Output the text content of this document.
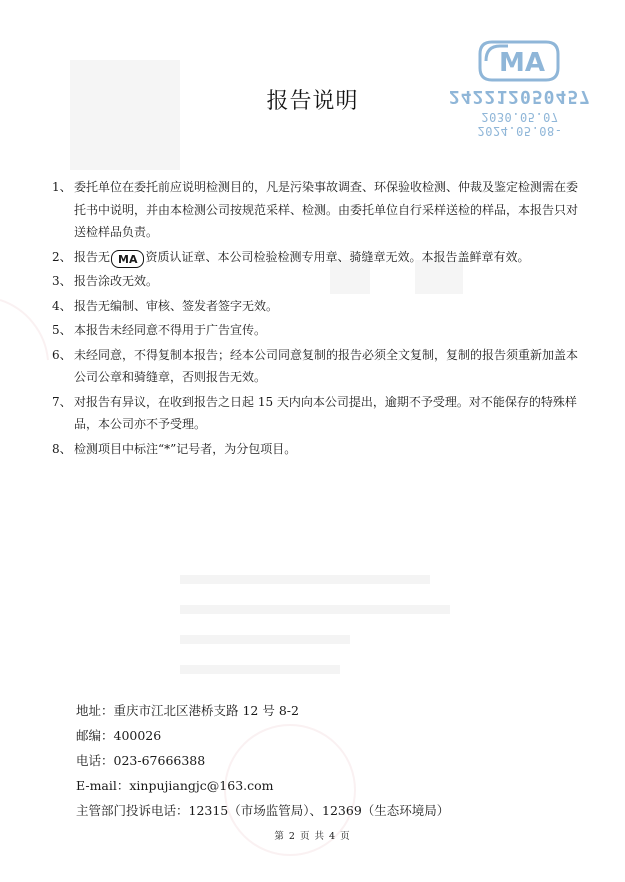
MA
242212050457
2024.05.08-2030.05.07
报告说明
1、 委托单位在委托前应说明检测目的，凡是污染事故调查、环保验收检测、仲裁及鉴定检测需在委托书中说明，并由本检测公司按规范采样、检测。由委托单位自行采样送检的样品，本报告只对送检样品负责。
2、 报告无 MA 资质认证章、本公司检验检测专用章、骑缝章无效。本报告盖鲜章有效。
3、 报告涂改无效。
4、 报告无编制、审核、签发者签字无效。
5、 本报告未经同意不得用于广告宣传。
6、 未经同意，不得复制本报告；经本公司同意复制的报告必须全文复制，复制的报告须重新加盖本公司公章和骑缝章，否则报告无效。
7、 对报告有异议，在收到报告之日起 15 天内向本公司提出，逾期不予受理。对不能保存的特殊样品，本公司亦不予受理。
8、 检测项目中标注“*”记号者，为分包项目。
地址：重庆市江北区港桥支路 12 号 8-2
邮编：400026
电话：023-67666388
E-mail：xinpujiangjc@163.com
主管部门投诉电话：12315（市场监管局）、12369（生态环境局）
第 2 页 共 4 页
